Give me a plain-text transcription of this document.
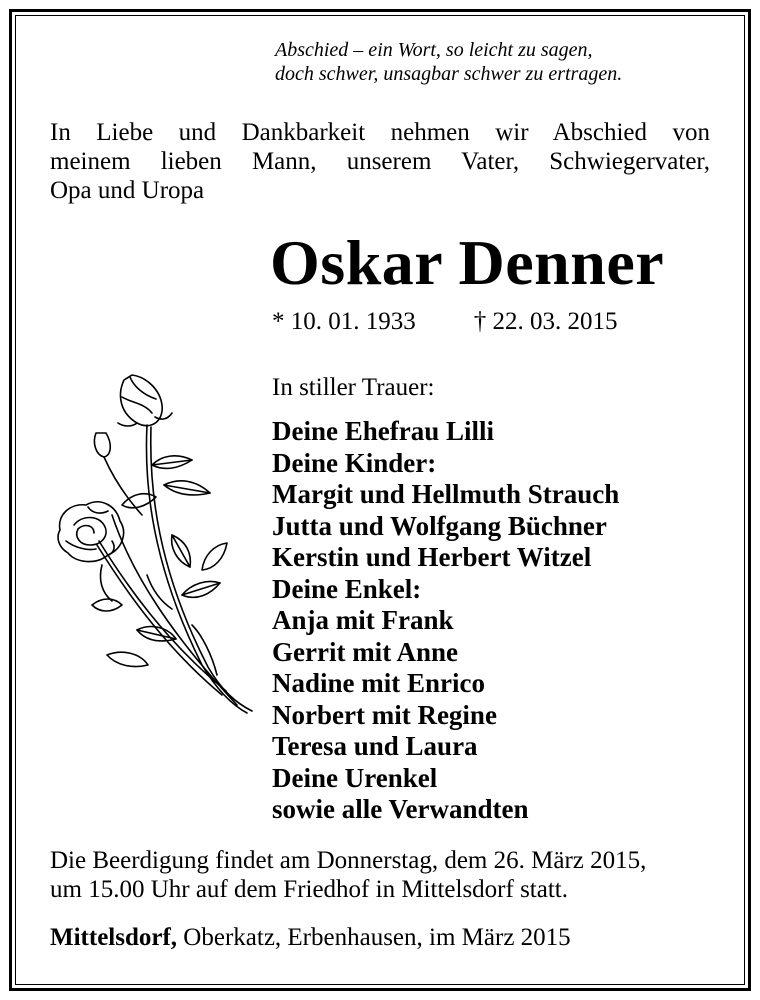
Abschied – ein Wort, so leicht zu sagen,
doch schwer, unsagbar schwer zu ertragen.
In Liebe und Dankbarkeit nehmen wir Abschied von
meinem lieben Mann, unserem Vater, Schwiegervater,
Opa und Uropa
Oskar Denner
* 10. 01. 1933 † 22. 03. 2015
In stiller Trauer:
Deine Ehefrau Lilli
Deine Kinder:
Margit und Hellmuth Strauch
Jutta und Wolfgang Büchner
Kerstin und Herbert Witzel
Deine Enkel:
Anja mit Frank
Gerrit mit Anne
Nadine mit Enrico
Norbert mit Regine
Teresa und Laura
Deine Urenkel
sowie alle Verwandten
Die Beerdigung findet am Donnerstag, dem 26. März 2015,
um 15.00 Uhr auf dem Friedhof in Mittelsdorf statt.
Mittelsdorf, Oberkatz, Erbenhausen, im März 2015
